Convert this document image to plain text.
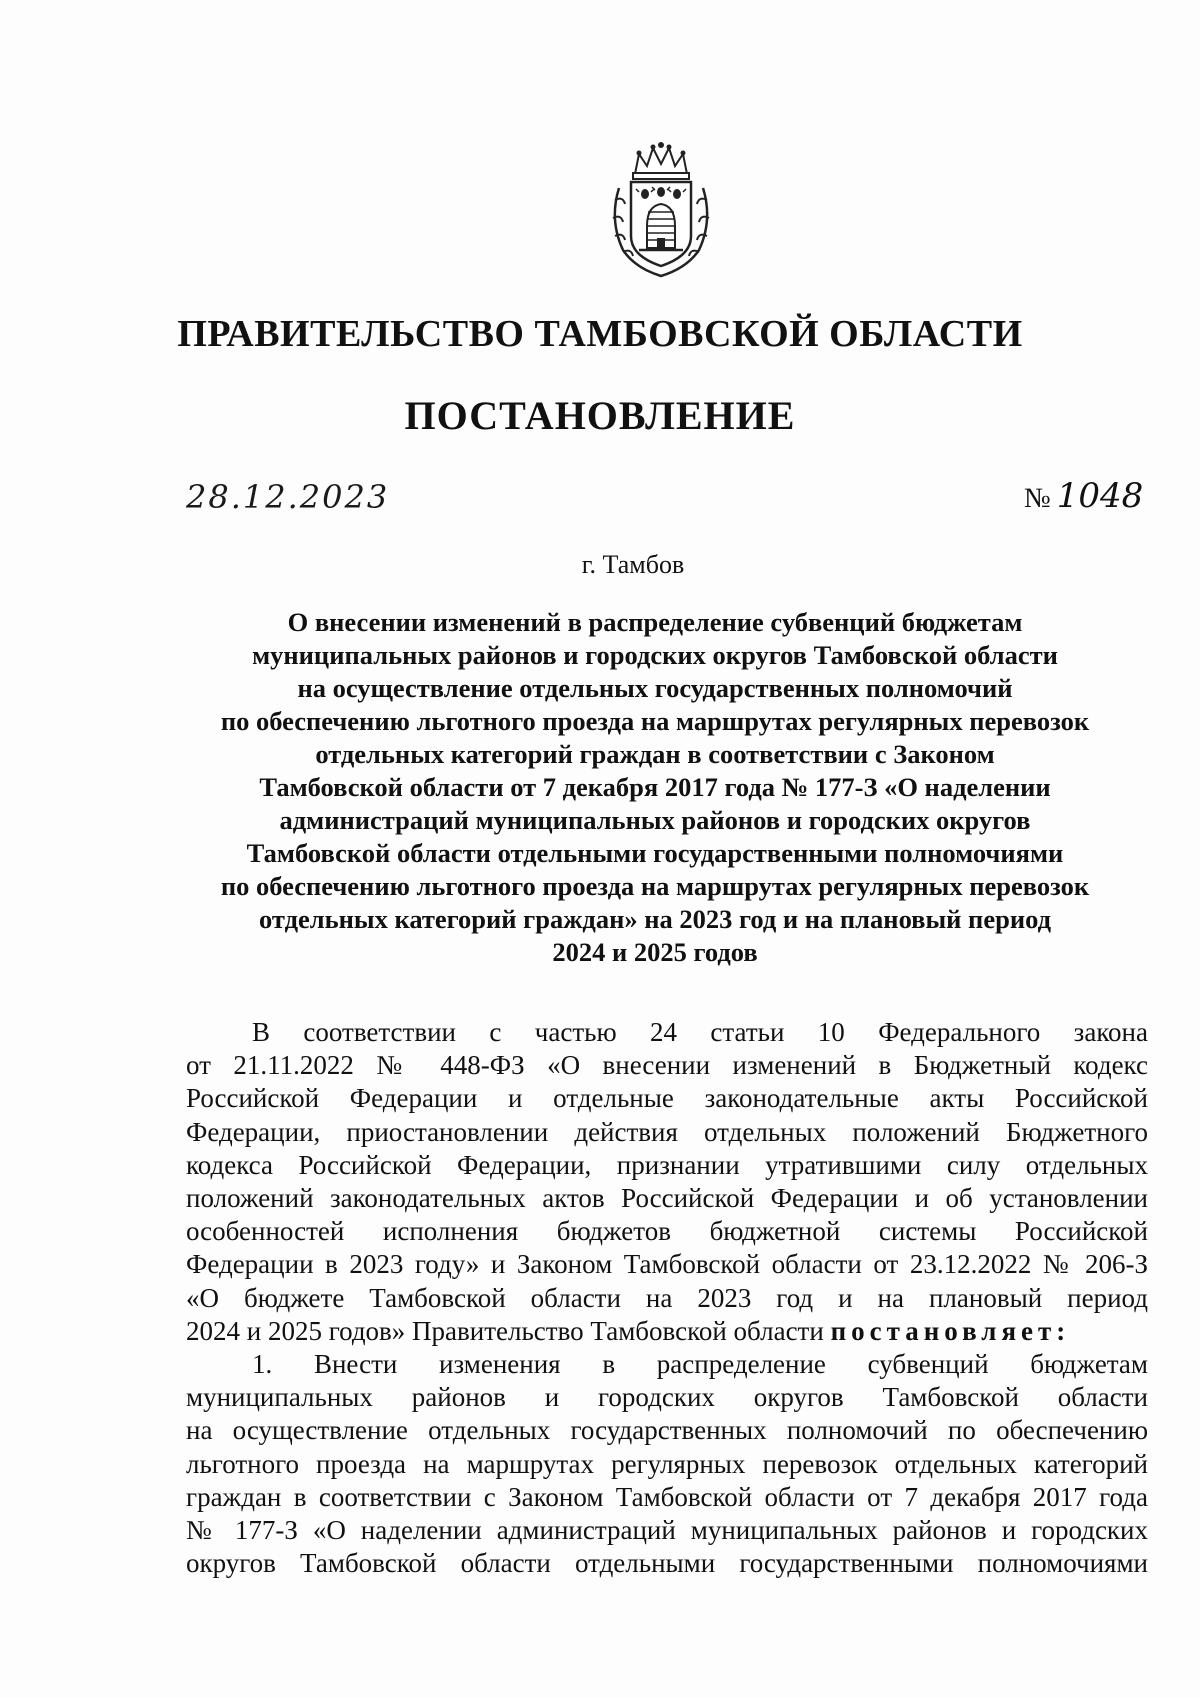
ПРАВИТЕЛЬСТВО ТАМБОВСКОЙ ОБЛАСТИ
ПОСТАНОВЛЕНИЕ
28.12.2023	№ 1048
г. Тамбов
О внесении изменений в распределение субвенций бюджетам
муниципальных районов и городских округов Тамбовской области
на осуществление отдельных государственных полномочий
по обеспечению льготного проезда на маршрутах регулярных перевозок
отдельных категорий граждан в соответствии с Законом
Тамбовской области от 7 декабря 2017 года № 177-З «О наделении
администраций муниципальных районов и городских округов
Тамбовской области отдельными государственными полномочиями
по обеспечению льготного проезда на маршрутах регулярных перевозок
отдельных категорий граждан» на 2023 год и на плановый период
2024 и 2025 годов
В соответствии с частью 24 статьи 10 Федерального закона
от 21.11.2022 № 448-ФЗ «О внесении изменений в Бюджетный кодекс
Российской Федерации и отдельные законодательные акты Российской
Федерации, приостановлении действия отдельных положений Бюджетного
кодекса Российской Федерации, признании утратившими силу отдельных
положений законодательных актов Российской Федерации и об установлении
особенностей исполнения бюджетов бюджетной системы Российской
Федерации в 2023 году» и Законом Тамбовской области от 23.12.2022 № 206-З
«О бюджете Тамбовской области на 2023 год и на плановый период
2024 и 2025 годов» Правительство Тамбовской области постановляет:
1. Внести изменения в распределение субвенций бюджетам
муниципальных районов и городских округов Тамбовской области
на осуществление отдельных государственных полномочий по обеспечению
льготного проезда на маршрутах регулярных перевозок отдельных категорий
граждан в соответствии с Законом Тамбовской области от 7 декабря 2017 года
№ 177-З «О наделении администраций муниципальных районов и городских
округов Тамбовской области отдельными государственными полномочиями
